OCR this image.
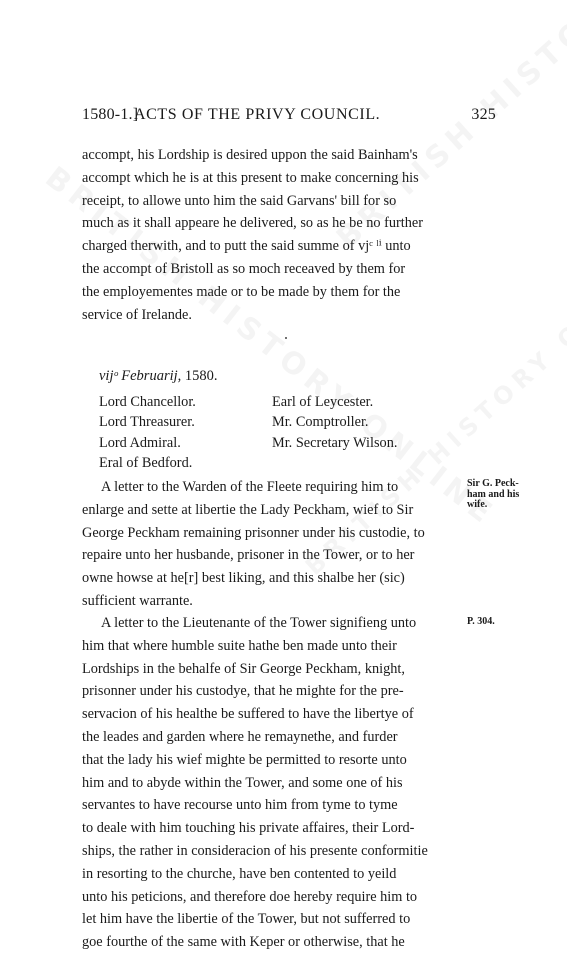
1580-1.]
ACTS OF THE PRIVY COUNCIL.	325

accompt, his Lordship is desired uppon the said Bainham's

accompt which he is at this present to make concerning his

receipt, to allowe unto him the said Garvans' bill for so

much as it shall appeare he delivered, so as he be no further

charged therwith, and to putt the said summe of vjᶜ ˡⁱ unto

the accompt of Bristoll as so moch receaved by them for

the employementes made or to be made by them for the

service of Irelande.

vijᵒ Februarij, 1580.
Lord Chancellor.
Lord Threasurer.
Lord Admiral.
Eral of Bedford.
Earl of Leycester.
Mr. Comptroller.
Mr. Secretary Wilson.

A letter to the Warden of the Fleete requiring him to

enlarge and sette at libertie the Lady Peckham, wief to Sir

George Peckham remaining prisonner under his custodie, to

repaire unto her husbande, prisoner in the Tower, or to her

owne howse at he[r] best liking, and this shalbe her (sic)

sufficient warrante.

Sir G. Peck-
ham and his
wife.

A letter to the Lieutenante of the Tower signifieng unto

him that where humble suite hathe ben made unto their

Lordships in the behalfe of Sir George Peckham, knight,

prisonner under his custodye, that he mighte for the pre-

servacion of his healthe be suffered to have the libertye of

the leades and garden where he remaynethe, and furder

that the lady his wief mighte be permitted to resorte unto

him and to abyde within the Tower, and some one of his

servantes to have recourse unto him from tyme to tyme

to deale with him touching his private affaires, their Lord-

ships, the rather in consideracion of his presente conformitie

in resorting to the churche, have ben contented to yeild

unto his peticions, and therefore doe hereby require him to

let him have the libertie of the Tower, but not sufferred to

goe fourthe of the same with Keper or otherwise, that he

P. 304.
